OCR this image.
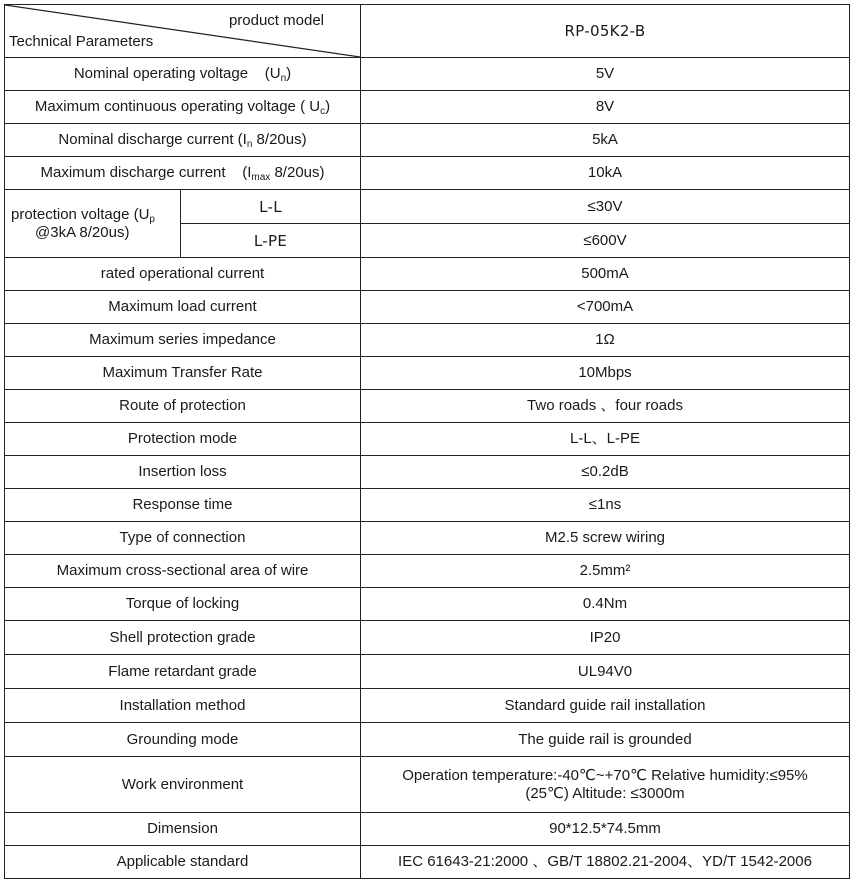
product model
Technical Parameters		RP-05K2-B
Nominal operating voltage    $(U_n)$		5V
Maximum continuous operating voltage ( $U_c$)		8V
Nominal discharge current ($I_n$ 8/20us)		5kA
Maximum discharge current ($I_{max}$ 8/20us)		10kA
protection voltage ($U_p$
@3kA 8/20us)	L-L	≤30V
	L-PE	≤600V
rated operational current		500mA
Maximum load current		<700mA
Maximum series impedance		1Ω
Maximum Transfer Rate		10Mbps
Route of protection		Two roads 、four roads
Protection mode		L-L、L-PE
Insertion loss		≤0.2dB
Response time		≤1ns
Type of connection		M2.5 screw wiring
Maximum cross-sectional area of wire		2.5mm²
Torque of locking		0.4Nm
Shell protection grade		IP20
Flame retardant grade		UL94V0
Installation method		Standard guide rail installation
Grounding mode		The guide rail is grounded
Work environment		Operation temperature:-40℃~+70℃ Relative humidity:≤95%
(25℃) Altitude: ≤3000m
Dimension		90*12.5*74.5mm
Applicable standard		IEC 61643-21:2000 、GB/T 18802.21-2004、YD/T 1542-2006
